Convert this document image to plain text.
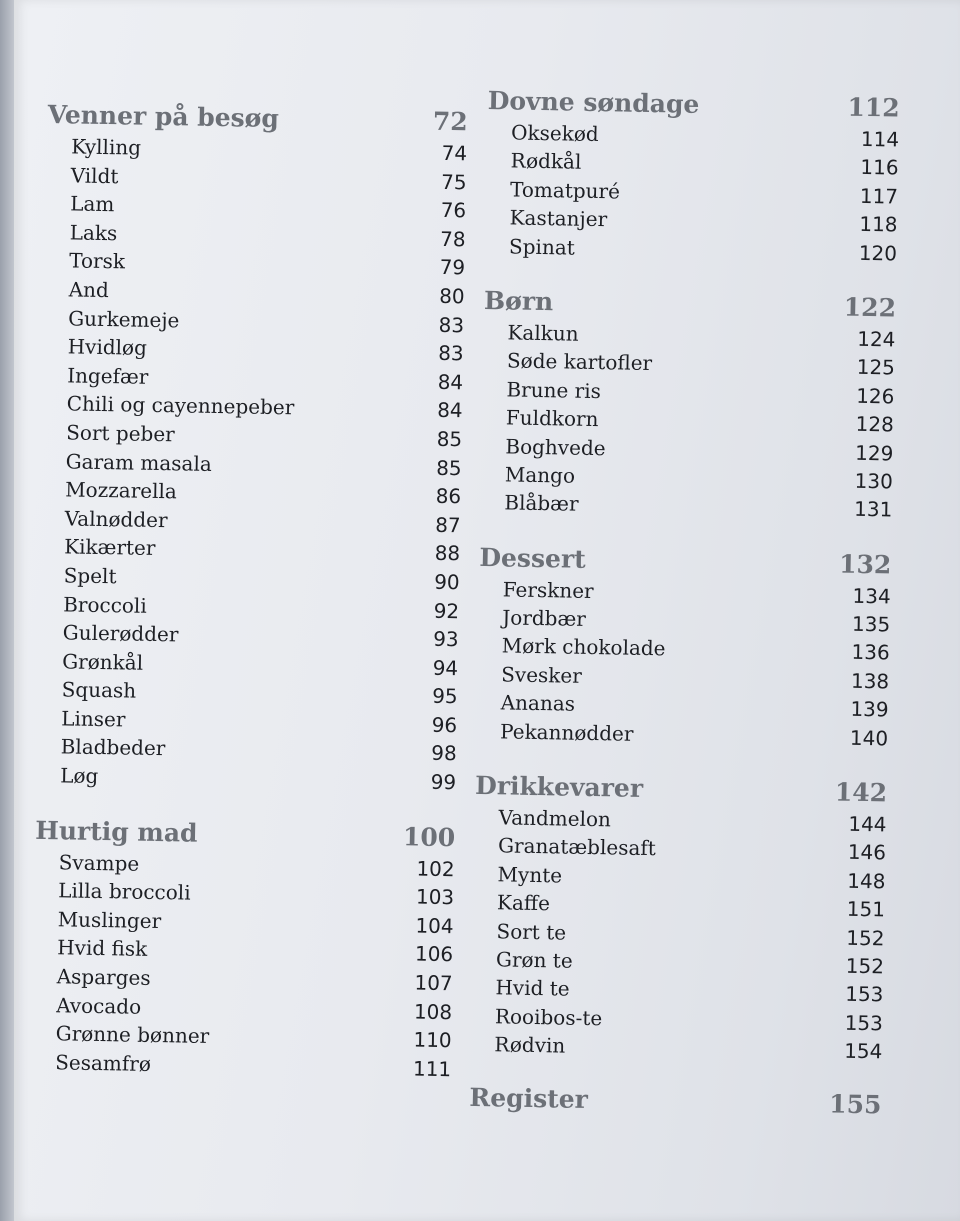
Venner på besøg	72
Kylling	74
Vildt	75
Lam	76
Laks	78
Torsk	79
And	80
Gurkemeje	83
Hvidløg	83
Ingefær	84
Chili og cayennepeber	84
Sort peber	85
Garam masala	85
Mozzarella	86
Valnødder	87
Kikærter	88
Spelt	90
Broccoli	92
Gulerødder	93
Grønkål	94
Squash	95
Linser	96
Bladbeder	98
Løg	99
Hurtig mad	100
Svampe	102
Lilla broccoli	103
Muslinger	104
Hvid fisk	106
Asparges	107
Avocado	108
Grønne bønner	110
Sesamfrø	111
Dovne søndage	112
Oksekød	114
Rødkål	116
Tomatpuré	117
Kastanjer	118
Spinat	120
Børn	122
Kalkun	124
Søde kartofler	125
Brune ris	126
Fuldkorn	128
Boghvede	129
Mango	130
Blåbær	131
Dessert	132
Ferskner	134
Jordbær	135
Mørk chokolade	136
Svesker	138
Ananas	139
Pekannødder	140
Drikkevarer	142
Vandmelon	144
Granatæblesaft	146
Mynte	148
Kaffe	151
Sort te	152
Grøn te	152
Hvid te	153
Rooibos-te	153
Rødvin	154
Register	155
